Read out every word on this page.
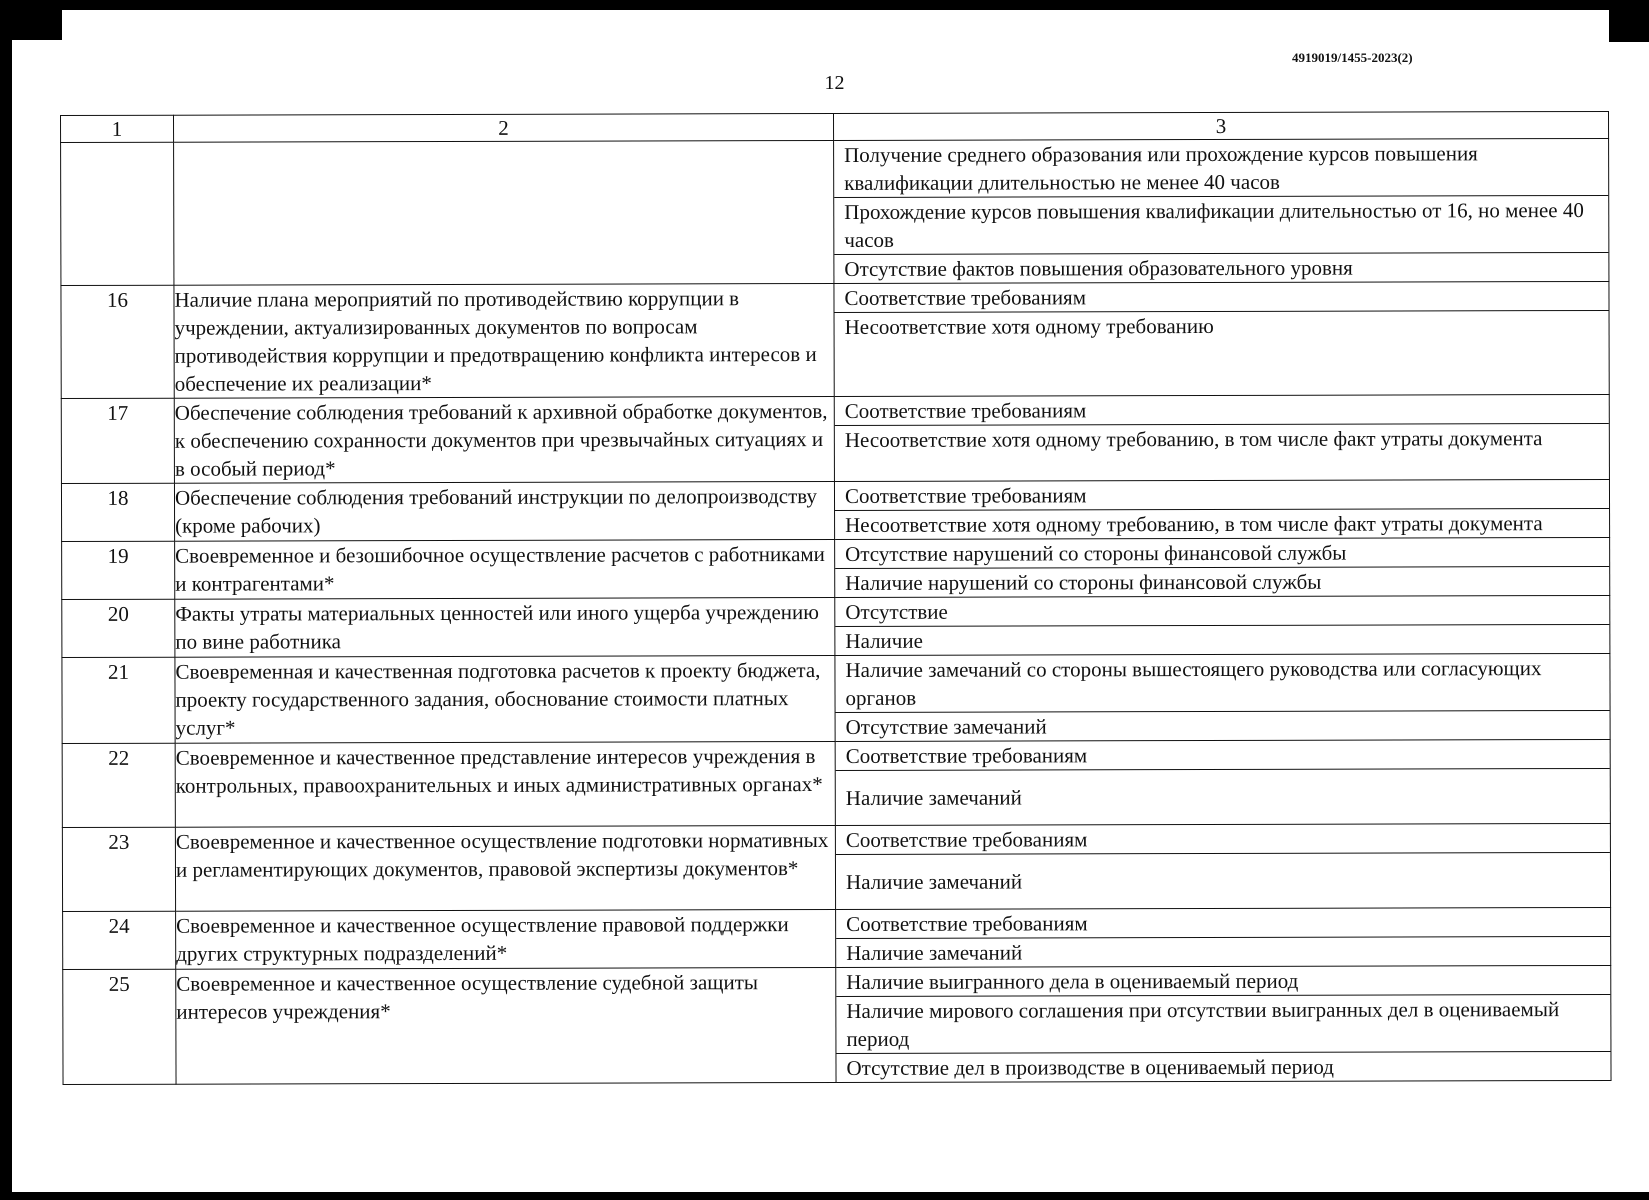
4919019/1455-2023(2)
12
1	2	3

		Получение среднего образования или прохождение курсов повышения квалификации длительностью не менее 40 часов
Прохождение курсов повышения квалификации длительностью от 16, но менее 40 часов
Отсутствие фактов повышения образовательного уровня

16	Наличие плана мероприятий по противодействию коррупции в учреждении, актуализированных документов по вопросам противодействия коррупции и предотвращению конфликта интересов и обеспечение их реализации*	Соответствие требованиям
Несоответствие хотя одному требованию

17	Обеспечение соблюдения требований к архивной обработке документов, к обеспечению сохранности документов при чрезвычайных ситуациях и в особый период*	Соответствие требованиям
Несоответствие хотя одному требованию, в том числе факт утраты документа

18	Обеспечение соблюдения требований инструкции по делопроизводству (кроме рабочих)	Соответствие требованиям
Несоответствие хотя одному требованию, в том числе факт утраты документа

19	Своевременное и безошибочное осуществление расчетов с работниками и контрагентами*	Отсутствие нарушений со стороны финансовой службы
Наличие нарушений со стороны финансовой службы

20	Факты утраты материальных ценностей или иного ущерба учреждению по вине работника	Отсутствие
Наличие

21	Своевременная и качественная подготовка расчетов к проекту бюджета, проекту государственного задания, обоснование стоимости платных услуг*	Наличие замечаний со стороны вышестоящего руководства или согласующих органов
Отсутствие замечаний

22	Своевременное и качественное представление интересов учреждения в контрольных, правоохранительных и иных административных органах*	Соответствие требованиям
Наличие замечаний

23	Своевременное и качественное осуществление подготовки нормативных и регламентирующих документов, правовой экспертизы документов*	Соответствие требованиям
Наличие замечаний

24	Своевременное и качественное осуществление правовой поддержки других структурных подразделений*	Соответствие требованиям
Наличие замечаний

25	Своевременное и качественное осуществление судебной защиты интересов учреждения*	Наличие выигранного дела в оцениваемый период
Наличие мирового соглашения при отсутствии выигранных дел в оцениваемый период
Отсутствие дел в производстве в оцениваемый период
